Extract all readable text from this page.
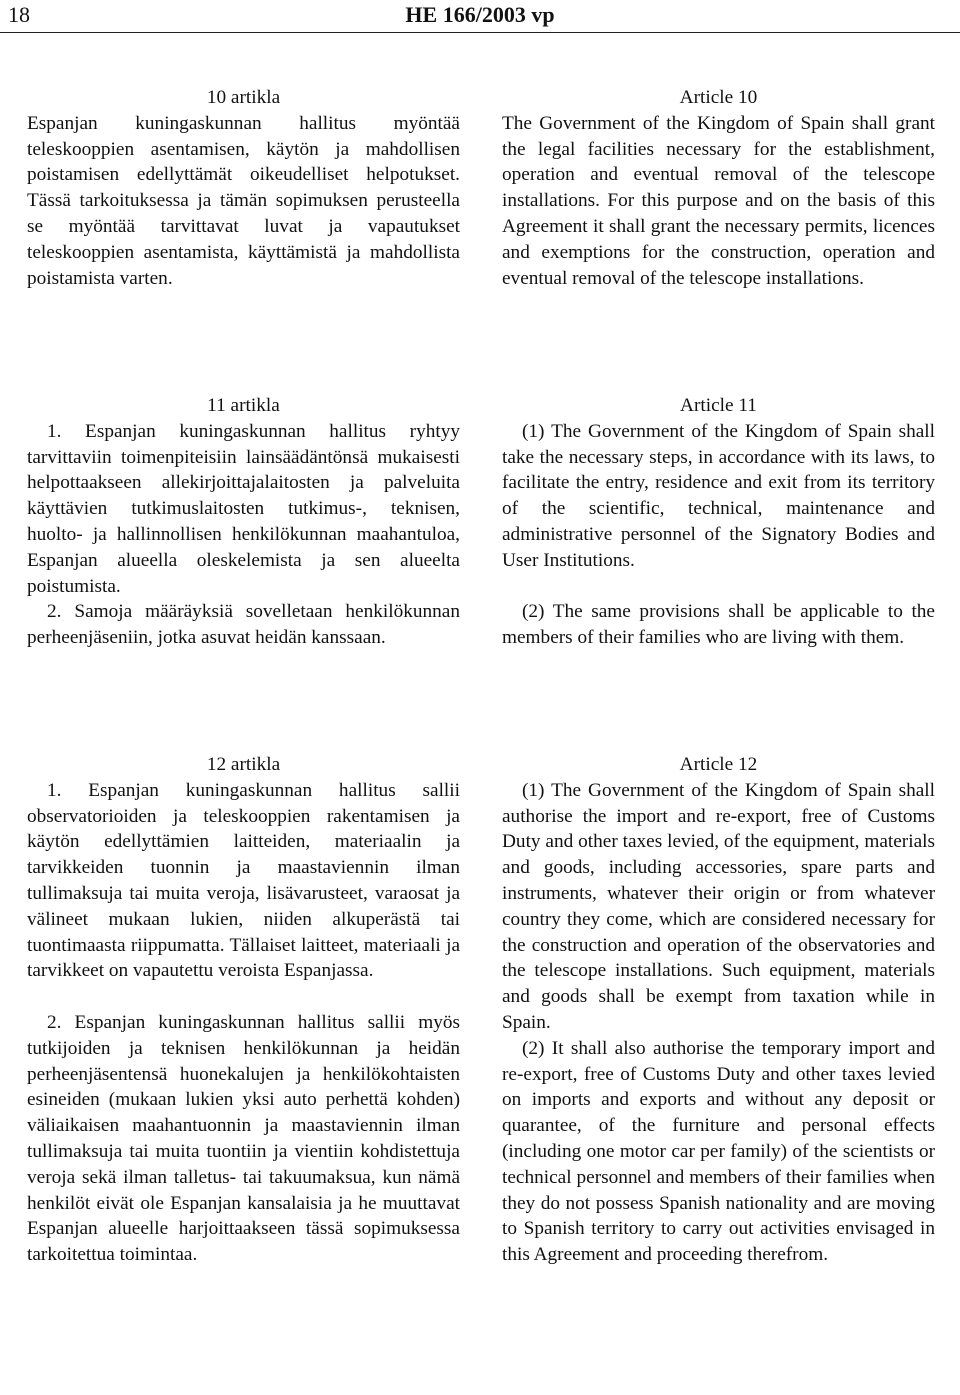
18	HE 166/2003 vp

10 artikla

Espanjan kuningaskunnan hallitus myöntää teleskooppien asentamisen, käytön ja mahdollisen poistamisen edellyttämät oikeudelliset helpotukset. Tässä tarkoituksessa ja tämän sopimuksen perusteella se myöntää tarvittavat luvat ja vapautukset teleskooppien asentamista, käyttämistä ja mahdollista poistamista varten.

Article 10

The Government of the Kingdom of Spain shall grant the legal facilities necessary for the establishment, operation and eventual removal of the telescope installations. For this purpose and on the basis of this Agreement it shall grant the necessary permits, licences and exemptions for the construction, operation and eventual removal of the telescope installations.

11 artikla

1. Espanjan kuningaskunnan hallitus ryhtyy tarvittaviin toimenpiteisiin lainsäädäntönsä mukaisesti helpottaakseen allekirjoittajalaitosten ja palveluita käyttävien tutkimuslaitosten tutkimus-, teknisen, huolto- ja hallinnollisen henkilökunnan maahantuloa, Espanjan alueella oleskelemista ja sen alueelta poistumista.

2. Samoja määräyksiä sovelletaan henkilökunnan perheenjäseniin, jotka asuvat heidän kanssaan.

Article 11

(1) The Government of the Kingdom of Spain shall take the necessary steps, in accordance with its laws, to facilitate the entry, residence and exit from its territory of the scientific, technical, maintenance and administrative personnel of the Signatory Bodies and User Institutions.

(2) The same provisions shall be applicable to the members of their families who are living with them.

12 artikla

1. Espanjan kuningaskunnan hallitus sallii observatorioiden ja teleskooppien rakentamisen ja käytön edellyttämien laitteiden, materiaalin ja tarvikkeiden tuonnin ja maastaviennin ilman tullimaksuja tai muita veroja, lisävarusteet, varaosat ja välineet mukaan lukien, niiden alkuperästä tai tuontimaasta riippumatta. Tällaiset laitteet, materiaali ja tarvikkeet on vapautettu veroista Espanjassa.

2. Espanjan kuningaskunnan hallitus sallii myös tutkijoiden ja teknisen henkilökunnan ja heidän perheenjäsentensä huonekalujen ja henkilökohtaisten esineiden (mukaan lukien yksi auto perhettä kohden) väliaikaisen maahantuonnin ja maastaviennin ilman tullimaksuja tai muita tuontiin ja vientiin kohdistettuja veroja sekä ilman talletus- tai takuumaksua, kun nämä henkilöt eivät ole Espanjan kansalaisia ja he muuttavat Espanjan alueelle harjoittaakseen tässä sopimuksessa tarkoitettua toimintaa.

Article 12

(1) The Government of the Kingdom of Spain shall authorise the import and re-export, free of Customs Duty and other taxes levied, of the equipment, materials and goods, including accessories, spare parts and instruments, whatever their origin or from whatever country they come, which are considered necessary for the construction and operation of the observatories and the telescope installations. Such equipment, materials and goods shall be exempt from taxation while in Spain.

(2) It shall also authorise the temporary import and re-export, free of Customs Duty and other taxes levied on imports and exports and without any deposit or quarantee, of the furniture and personal effects (including one motor car per family) of the scientists or technical personnel and members of their families when they do not possess Spanish nationality and are moving to Spanish territory to carry out activities envisaged in this Agreement and proceeding therefrom.
